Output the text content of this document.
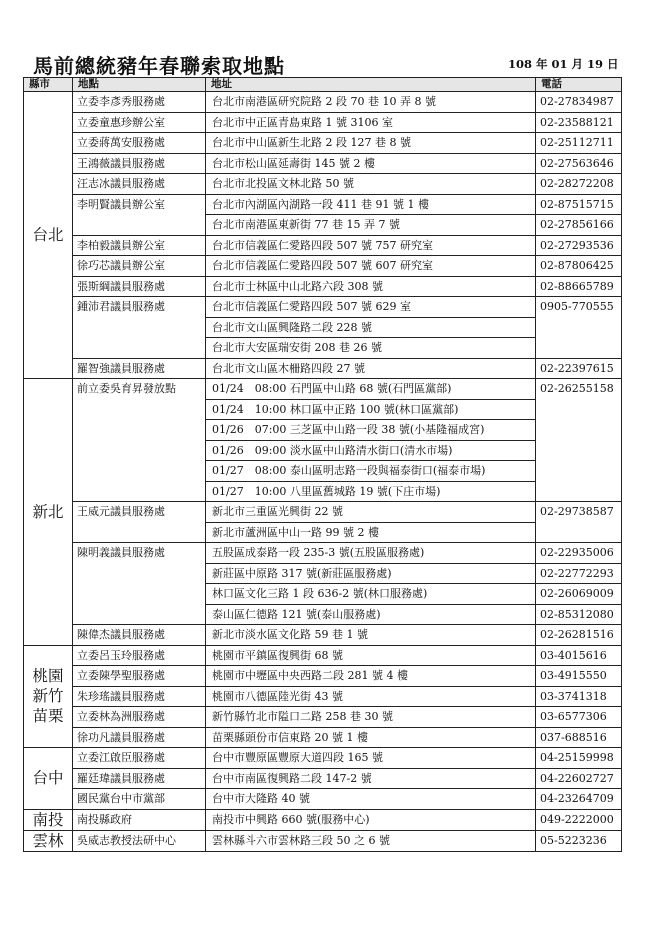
馬前總統豬年春聯索取地點	108 年 01 月 19 日
縣市	地點	地址	電話
台北	立委李彥秀服務處	台北市南港區研究院路 2 段 70 巷 10 弄 8 號	02-27834987
	立委童惠珍辦公室	台北市中正區青島東路 1 號 3106 室	02-23588121
	立委蔣萬安服務處	台北市中山區新生北路 2 段 127 巷 8 號	02-25112711
	王鴻薇議員服務處	台北市松山區延壽街 145 號 2 樓	02-27563646
	汪志冰議員服務處	台北市北投區文林北路 50 號	02-28272208
	李明賢議員辦公室	台北市內湖區內湖路一段 411 巷 91 號 1 樓	02-87515715
		台北市南港區東新街 77 巷 15 弄 7 號	02-27856166
	李柏毅議員辦公室	台北市信義區仁愛路四段 507 號 757 研究室	02-27293536
	徐巧芯議員辦公室	台北市信義區仁愛路四段 507 號 607 研究室	02-87806425
	張斯綱議員服務處	台北市士林區中山北路六段 308 號	02-88665789
	鍾沛君議員服務處	台北市信義區仁愛路四段 507 號 629 室	0905-770555
		台北市文山區興隆路二段 228 號	
		台北市大安區瑞安街 208 巷 26 號	
	羅智強議員服務處	台北市文山區木柵路四段 27 號	02-22397615
新北	前立委吳育昇發放點	01/24　08:00 石門區中山路 68 號(石門區黨部)	02-26255158
		01/24　10:00 林口區中正路 100 號(林口區黨部)	
		01/26　07:00 三芝區中山路一段 38 號(小基隆福成宮)	
		01/26　09:00 淡水區中山路清水街口(清水市場)	
		01/27　08:00 泰山區明志路一段與福泰街口(福泰市場)	
		01/27　10:00 八里區舊城路 19 號(下庄市場)	
	王威元議員服務處	新北市三重區光興街 22 號	02-29738587
		新北市蘆洲區中山一路 99 號 2 樓	
	陳明義議員服務處	五股區成泰路一段 235-3 號(五股區服務處)	02-22935006
		新莊區中原路 317 號(新莊區服務處)	02-22772293
		林口區文化三路 1 段 636-2 號(林口服務處)	02-26069009
		泰山區仁德路 121 號(泰山服務處)	02-85312080
	陳偉杰議員服務處	新北市淡水區文化路 59 巷 1 號	02-26281516

桃園
新竹
苗栗	立委呂玉玲服務處	桃園市平鎮區復興街 68 號	03-4015616
	立委陳學聖服務處	桃園市中壢區中央西路二段 281 號 4 樓	03-4915550
	朱珍瑤議員服務處	桃園市八德區陸光街 43 號	03-3741318
	立委林為洲服務處	新竹縣竹北市隘口二路 258 巷 30 號	03-6577306
	徐功凡議員服務處	苗栗縣頭份市信東路 20 號 1 樓	037-688516
台中	立委江啟臣服務處	台中市豐原區豐原大道四段 165 號	04-25159998
	羅廷瑋議員服務處	台中市南區復興路二段 147-2 號	04-22602727
	國民黨台中市黨部	台中市大隆路 40 號	04-23264709
南投	南投縣政府	南投市中興路 660 號(服務中心)	049-2222000
雲林	吳威志教授法研中心	雲林縣斗六市雲林路三段 50 之 6 號	05-5223236
